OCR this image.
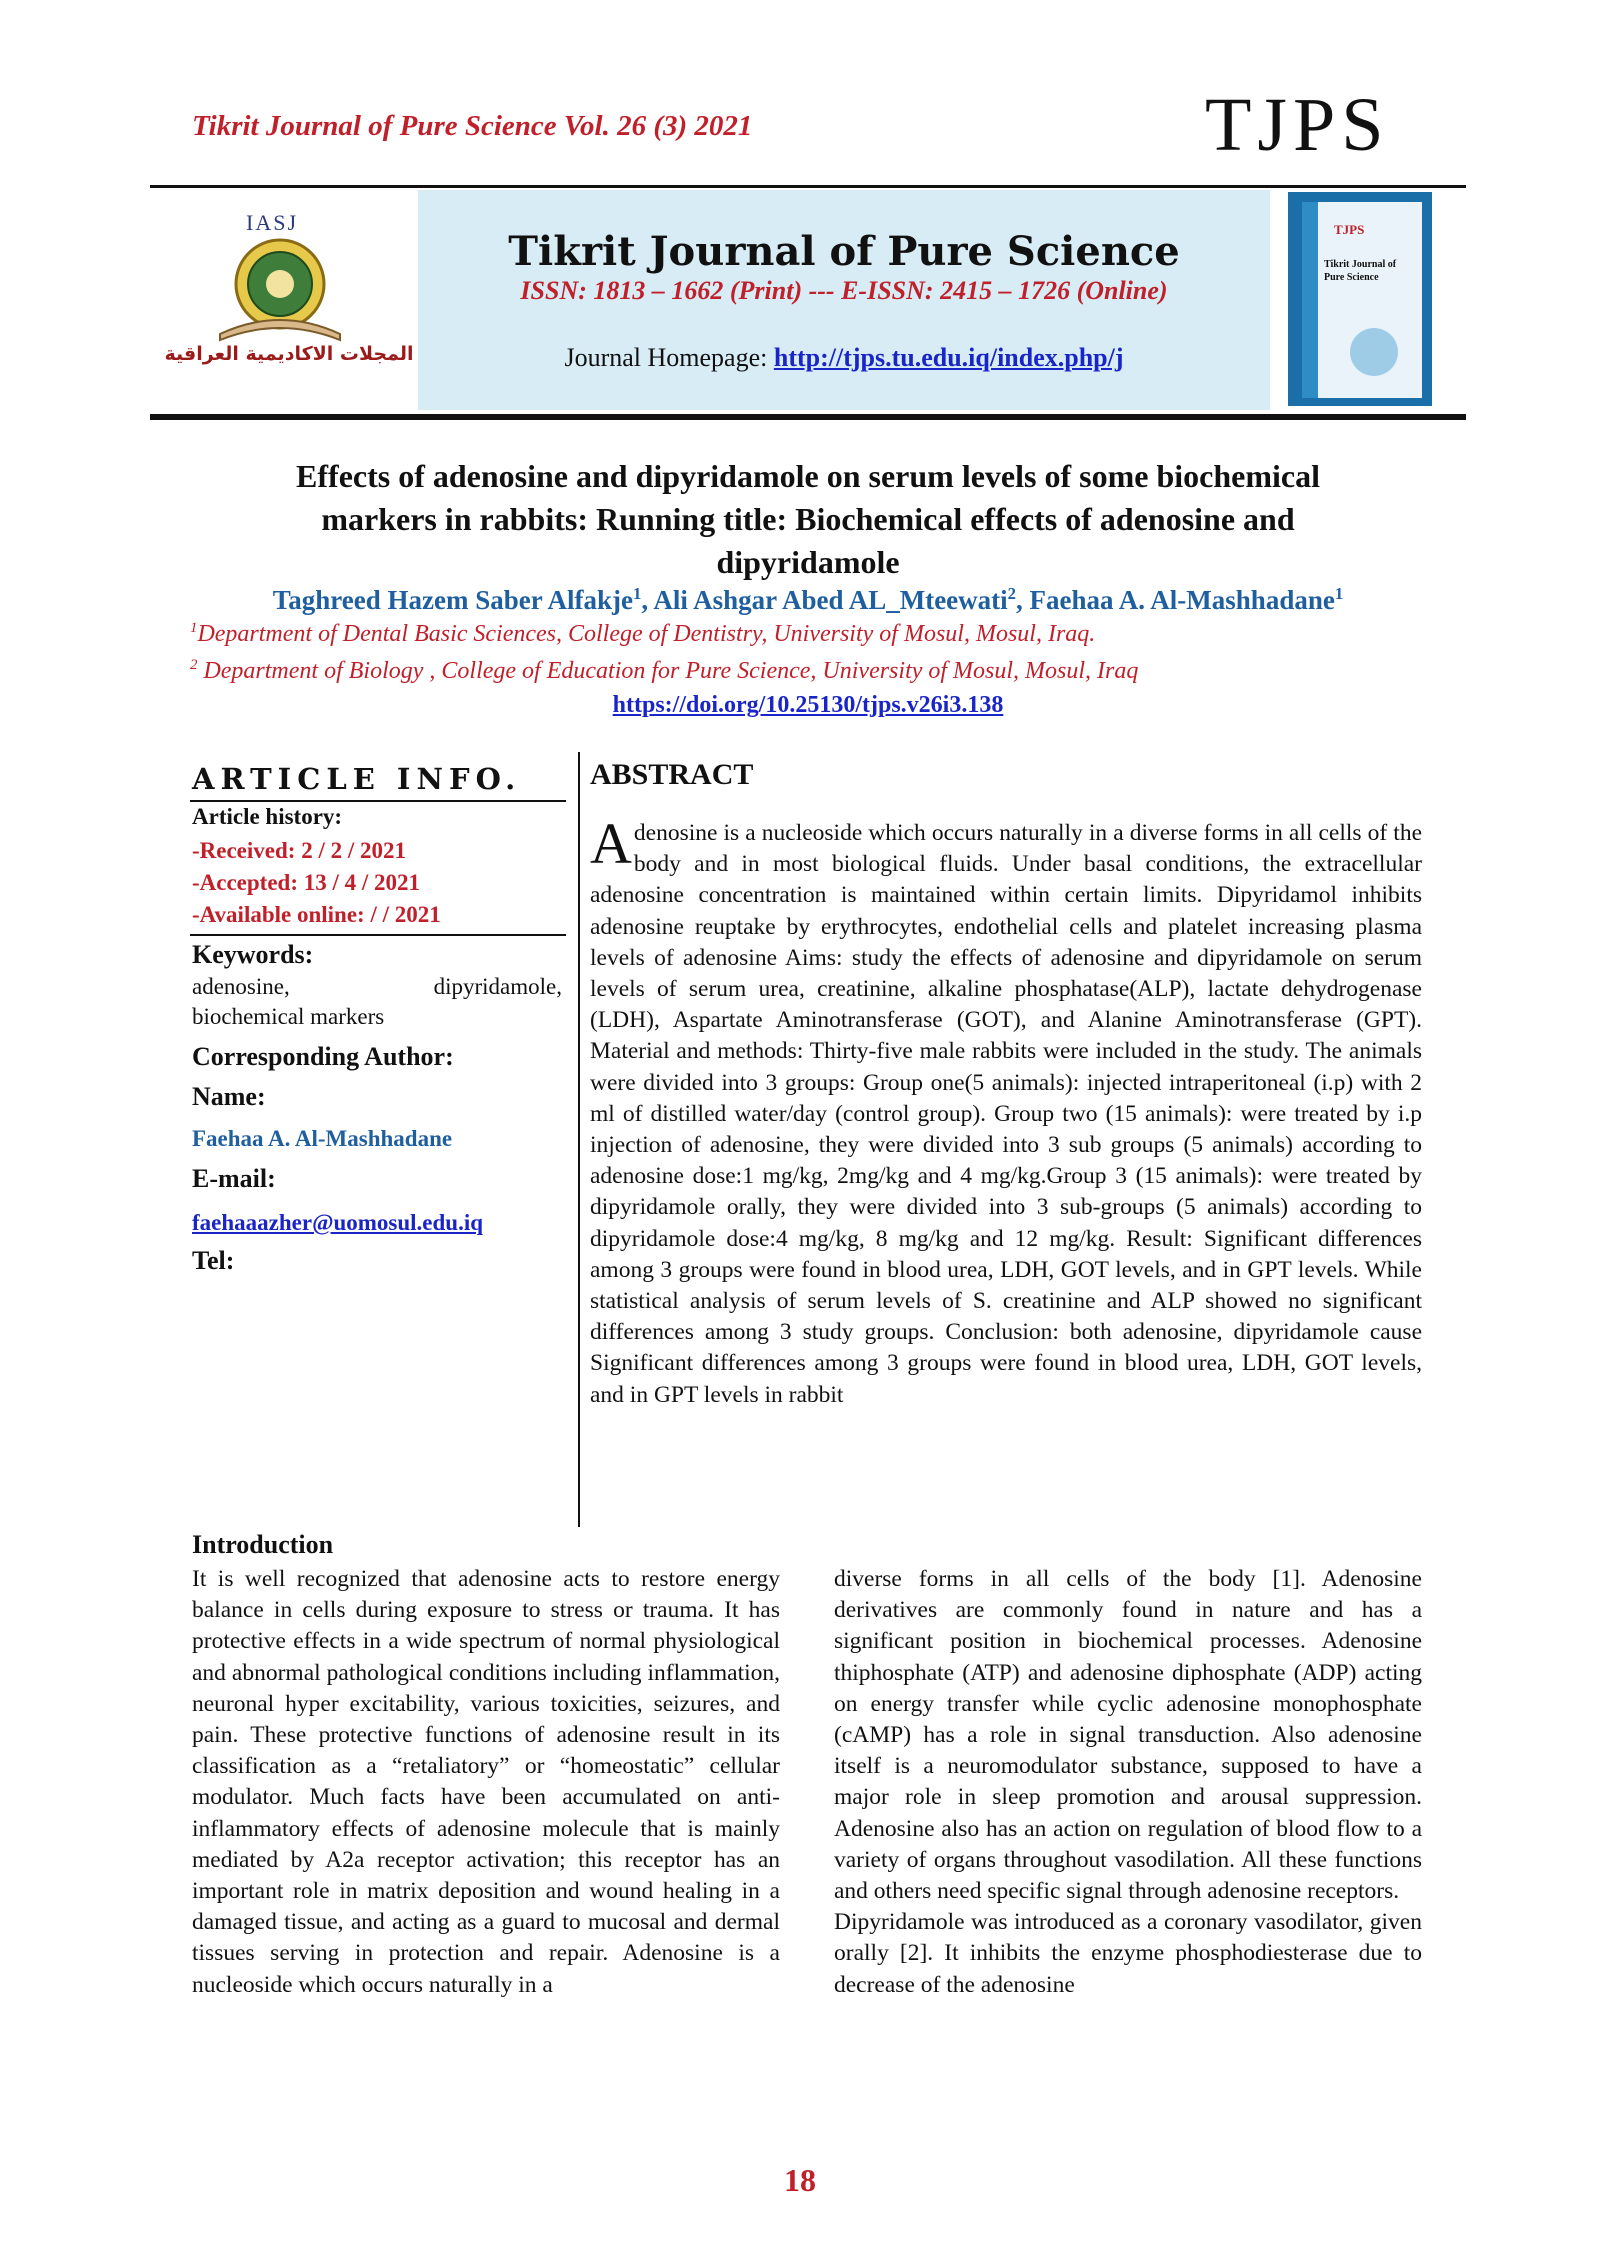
Tikrit Journal of Pure Science Vol. 26 (3) 2021	TJPS
IASJ
المجلات الاكاديمية العراقية
Tikrit Journal of Pure Science
ISSN: 1813 – 1662 (Print) --- E-ISSN: 2415 – 1726 (Online)
Journal Homepage: http://tjps.tu.edu.iq/index.php/j
TJPS
Tikrit Journal of Pure Science
Effects of adenosine and dipyridamole on serum levels of some biochemical
markers in rabbits: Running title: Biochemical effects of adenosine and
dipyridamole
Taghreed Hazem Saber Alfakje$^1$, Ali Ashgar Abed AL_Mteewati$^2$, Faehaa A. Al-Mashhadane$^1$
$^1$Department of Dental Basic Sciences, College of Dentistry, University of Mosul, Mosul, Iraq.
$^2$ Department of Biology , College of Education for Pure Science, University of Mosul, Mosul, Iraq
https://doi.org/10.25130/tjps.v26i3.138
ARTICLE INFO.
Article history:
-Received: 2 / 2 / 2021
-Accepted: 13 / 4 / 2021
-Available online: / / 2021
Keywords:
adenosine,	dipyridamole,
biochemical markers
Corresponding Author:
Name:
Faehaa A. Al-Mashhadane
E-mail:
faehaaazher@uomosul.edu.iq
Tel:
ABSTRACT
Adenosine is a nucleoside which occurs naturally in a diverse forms in all cells of the body and in most biological fluids. Under basal conditions, the extracellular adenosine concentration is maintained within certain limits. Dipyridamol inhibits adenosine reuptake by erythrocytes, endothelial cells and platelet increasing plasma levels of adenosine Aims: study the effects of adenosine and dipyridamole on serum levels of serum urea, creatinine, alkaline phosphatase(ALP), lactate dehydrogenase (LDH), Aspartate Aminotransferase (GOT), and Alanine Aminotransferase (GPT). Material and methods: Thirty-five male rabbits were included in the study. The animals were divided into 3 groups: Group one(5 animals): injected intraperitoneal (i.p) with 2 ml of distilled water/day (control group). Group two (15 animals): were treated by i.p injection of adenosine, they were divided into 3 sub groups (5 animals) according to adenosine dose:1 mg/kg, 2mg/kg and 4 mg/kg.Group 3 (15 animals): were treated by dipyridamole orally, they were divided into 3 sub-groups (5 animals) according to dipyridamole dose:4 mg/kg, 8 mg/kg and 12 mg/kg. Result: Significant differences among 3 groups were found in blood urea, LDH, GOT levels, and in GPT levels. While statistical analysis of serum levels of S. creatinine and ALP showed no significant differences among 3 study groups. Conclusion: both adenosine, dipyridamole cause Significant differences among 3 groups were found in blood urea, LDH, GOT levels, and in GPT levels in rabbit
Introduction
It is well recognized that adenosine acts to restore energy balance in cells during exposure to stress or trauma. It has protective effects in a wide spectrum of normal physiological and abnormal pathological conditions including inflammation, neuronal hyper excitability, various toxicities, seizures, and pain. These protective functions of adenosine result in its classification as a “retaliatory” or “homeostatic” cellular modulator. Much facts have been accumulated on anti-inflammatory effects of adenosine molecule that is mainly mediated by A2a receptor activation; this receptor has an important role in matrix deposition and wound healing in a damaged tissue, and acting as a guard to mucosal and dermal tissues serving in protection and repair. Adenosine is a nucleoside which occurs naturally in a
diverse forms in all cells of the body [1]. Adenosine derivatives are commonly found in nature and has a significant position in biochemical processes. Adenosine thiphosphate (ATP) and adenosine diphosphate (ADP) acting on energy transfer while cyclic adenosine monophosphate (cAMP) has a role in signal transduction. Also adenosine itself is a neuromodulator substance, supposed to have a major role in sleep promotion and arousal suppression. Adenosine also has an action on regulation of blood flow to a variety of organs throughout vasodilation. All these functions and others need specific signal through adenosine receptors.
Dipyridamole was introduced as a coronary vasodilator, given orally [2]. It inhibits the enzyme phosphodiesterase due to decrease of the adenosine
18
